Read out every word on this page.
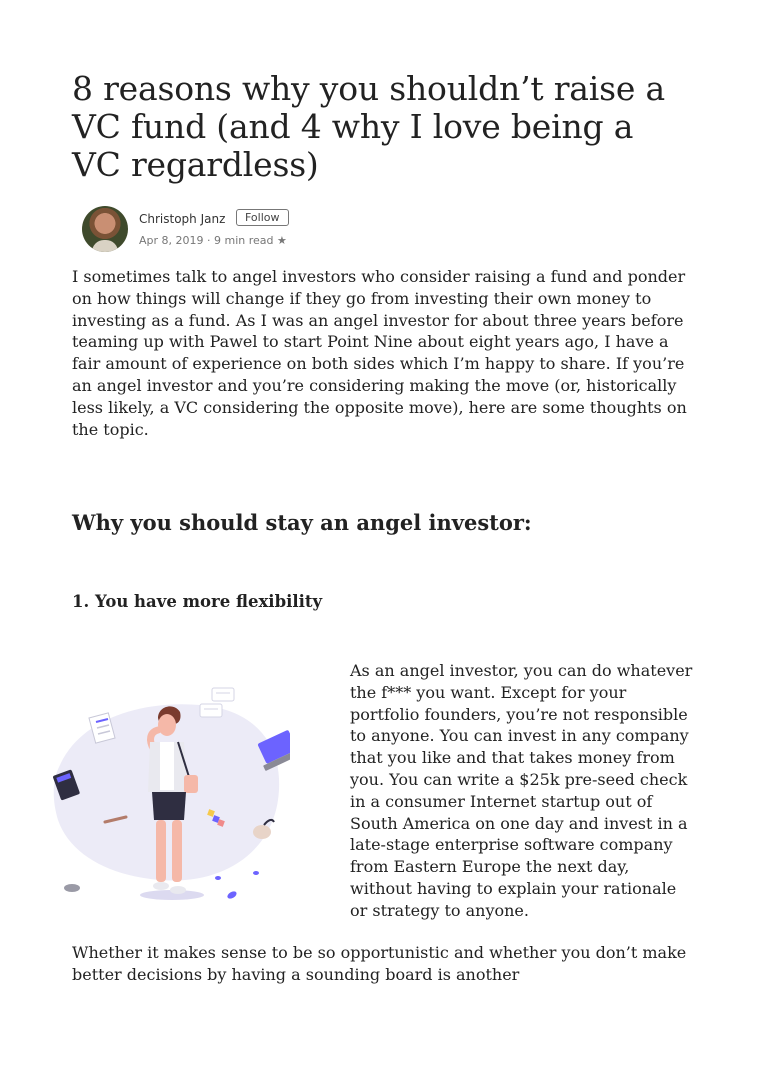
8 reasons why you shouldn’t raise a VC fund (and 4 why I love being a VC regardless)
Christoph Janz	Follow
Apr 8, 2019 · 9 min read ★

I sometimes talk to angel investors who consider raising a fund and ponder on how things will change if they go from investing their own money to investing as a fund. As I was an angel investor for about three years before teaming up with Pawel to start Point Nine about eight years ago, I have a fair amount of experience on both sides which I’m happy to share. If you’re an angel investor and you’re considering making the move (or, historically less likely, a VC considering the opposite move), here are some thoughts on the topic.

Why you should stay an angel investor:
1. You have more flexibility

As an angel investor, you can do whatever the f*** you want. Except for your portfolio founders, you’re not responsible to anyone. You can invest in any company that you like and that takes money from you. You can write a $25k pre-seed check in a consumer Internet startup out of South America on one day and invest in a late-stage enterprise software company from Eastern Europe the next day, without having to explain your rationale or strategy to anyone.

Whether it makes sense to be so opportunistic and whether you don’t make better decisions by having a sounding board is another
